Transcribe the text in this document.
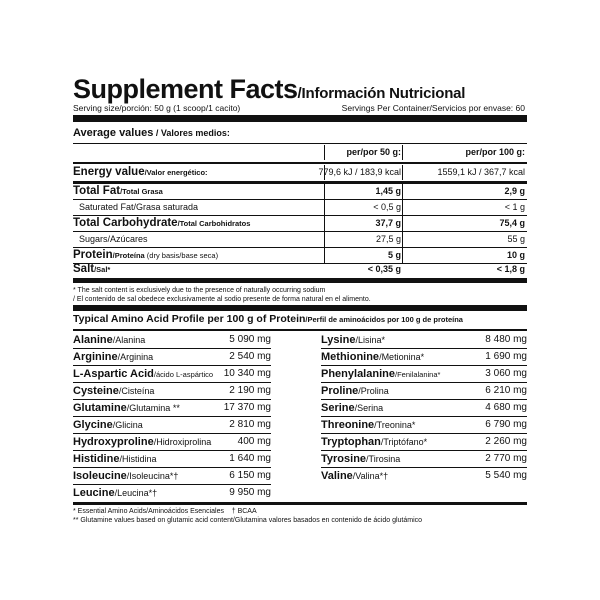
Supplement Facts/Información Nutricional
Serving size/porción: 50 g (1 scoop/1 cacito)	Servings Per Container/Servicios por envase: 60
Average values / Valores medios:
per/por 50 g:	per/por 100 g:
Energy value/Valor energético:	779,6 kJ / 183,9 kcal	1559,1 kJ / 367,7 kcal
Total Fat/Total Grasa	1,45 g	2,9 g
Saturated Fat/Grasa saturada	< 0,5 g	< 1 g
Total Carbohydrate/Total Carbohidratos	37,7 g	75,4 g
Sugars/Azúcares	27,5 g	55 g
Protein/Proteína (dry basis/base seca)	5 g	10 g
Salt/Sal*	< 0,35 g	< 1,8 g
* The salt content is exclusively due to the presence of naturally occurring sodium
/ El contenido de sal obedece exclusivamente al sodio presente de forma natural en el alimento.
Typical Amino Acid Profile per 100 g of Protein/Perfil de aminoácidos por 100 g de proteína
Alanine/Alanina	5 090 mg	Lysine/Lisina*	8 480 mg
Arginine/Arginina	2 540 mg	Methionine/Metionina*	1 690 mg
L-Aspartic Acid/ácido L-aspártico 10 340 mg	Phenylalanine/Fenilalanina*	3 060 mg
Cysteine/Cisteína	2 190 mg	Proline/Prolina	6 210 mg
Glutamine/Glutamina **	17 370 mg	Serine/Serina	4 680 mg
Glycine/Glicina	2 810 mg	Threonine/Treonina*	6 790 mg
Hydroxyproline/Hidroxiprolina	400 mg	Tryptophan/Triptófano*	2 260 mg
Histidine/Histidina	1 640 mg	Tyrosine/Tirosina	2 770 mg
Isoleucine/Isoleucina*†	6 150 mg	Valine/Valina*†	5 540 mg
Leucine/Leucina*†	9 950 mg
* Essential Amino Acids/Aminoácidos Esenciales † BCAA
** Glutamine values based on glutamic acid content/Glutamina valores basados en contenido de ácido glutámico
